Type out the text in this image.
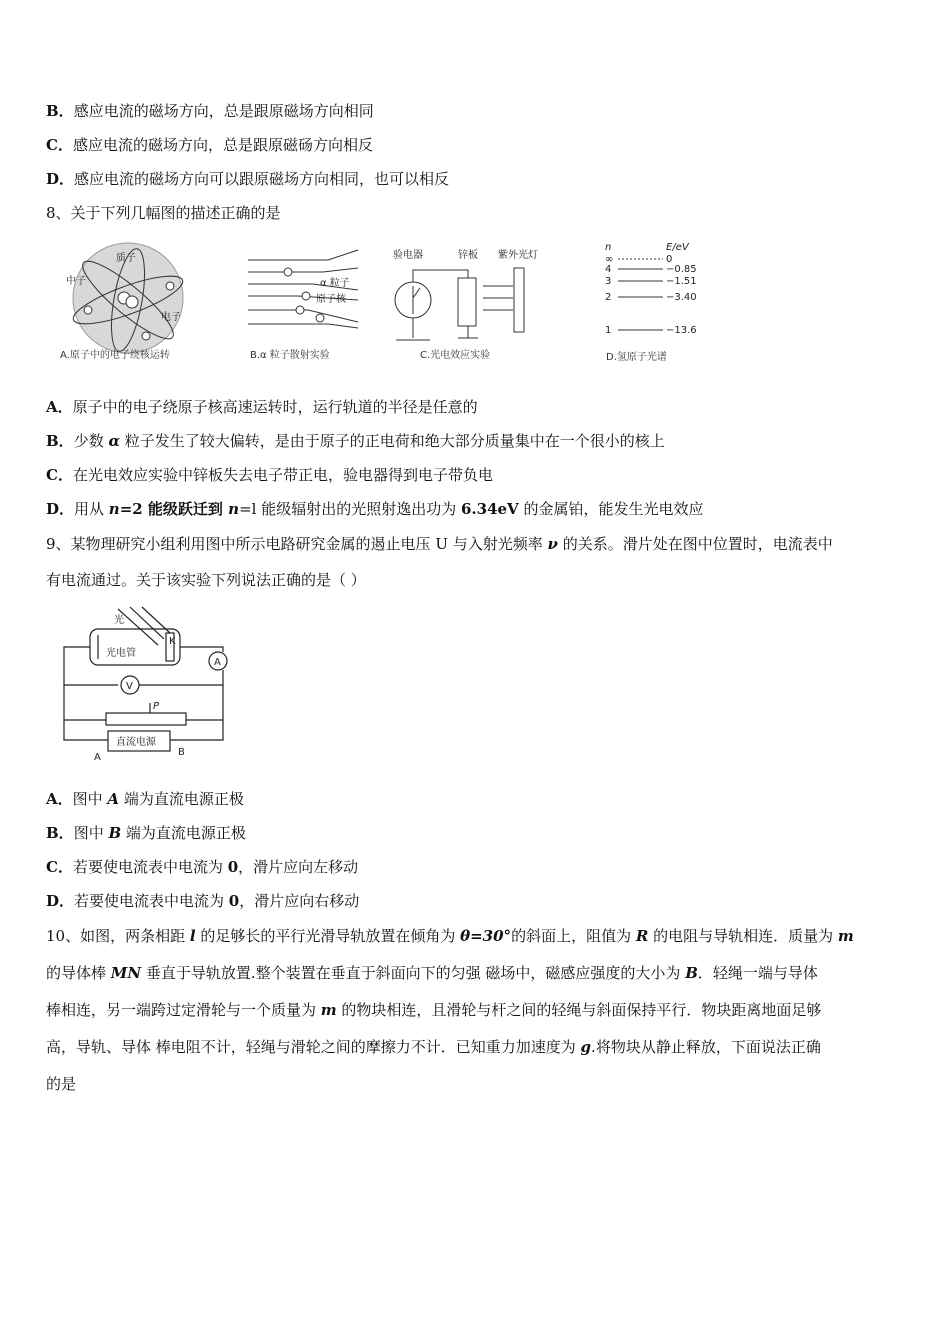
B．感应电流的磁场方向，总是跟原磁场方向相同
C．感应电流的磁场方向，总是跟原磁砀方向相反
D．感应电流的磁场方向可以跟原磁场方向相同，也可以相反
8、关于下列几幅图的描述正确的是
质子
中子
电子
A.原子中的电子绕核运转
α 粒子
原子核
B.α 粒子散射实验
验电器	锌板 紫外光灯
C.光电效应实验
n	E/eV
∞	0
4	−0.85
3	−1.51
2	−3.40
1	−13.6
D.氢原子光谱
A．原子中的电子绕原子核高速运转时，运行轨道的半径是任意的
B．少数 α 粒子发生了较大偏转，是由于原子的正电荷和绝大部分质量集中在一个很小的核上
C．在光电效应实验中锌板失去电子带正电，验电器得到电子带负电
D．用从 n=2 能级跃迁到 n=l 能级辐射出的光照射逸出功为 6.34eV 的金属铂，能发生光电效应
9、某物理研究小组利用图中所示电路研究金属的遏止电压 U 与入射光频率 ν 的关系。滑片处在图中位置时，电流表中
有电流通过。关于该实验下列说法正确的是（ ）
光
光电管
K
A
V
P
直流电源
A	B
A．图中 A 端为直流电源正极
B．图中 B 端为直流电源正极
C．若要使电流表中电流为 0，滑片应向左移动
D．若要使电流表中电流为 0，滑片应向右移动
10、如图，两条相距 l 的足够长的平行光滑导轨放置在倾角为 θ=30°的斜面上，阻值为 R 的电阻与导轨相连．质量为 m
的导体棒 MN 垂直于导轨放置.整个装置在垂直于斜面向下的匀强 磁场中，磁感应强度的大小为 B．轻绳一端与导体
棒相连，另一端跨过定滑轮与一个质量为 m 的物块相连，且滑轮与杆之间的轻绳与斜面保持平行．物块距离地面足够
高，导轨、导体 棒电阻不计，轻绳与滑轮之间的摩擦力不计．已知重力加速度为 g.将物块从静止释放，下面说法正确
的是
